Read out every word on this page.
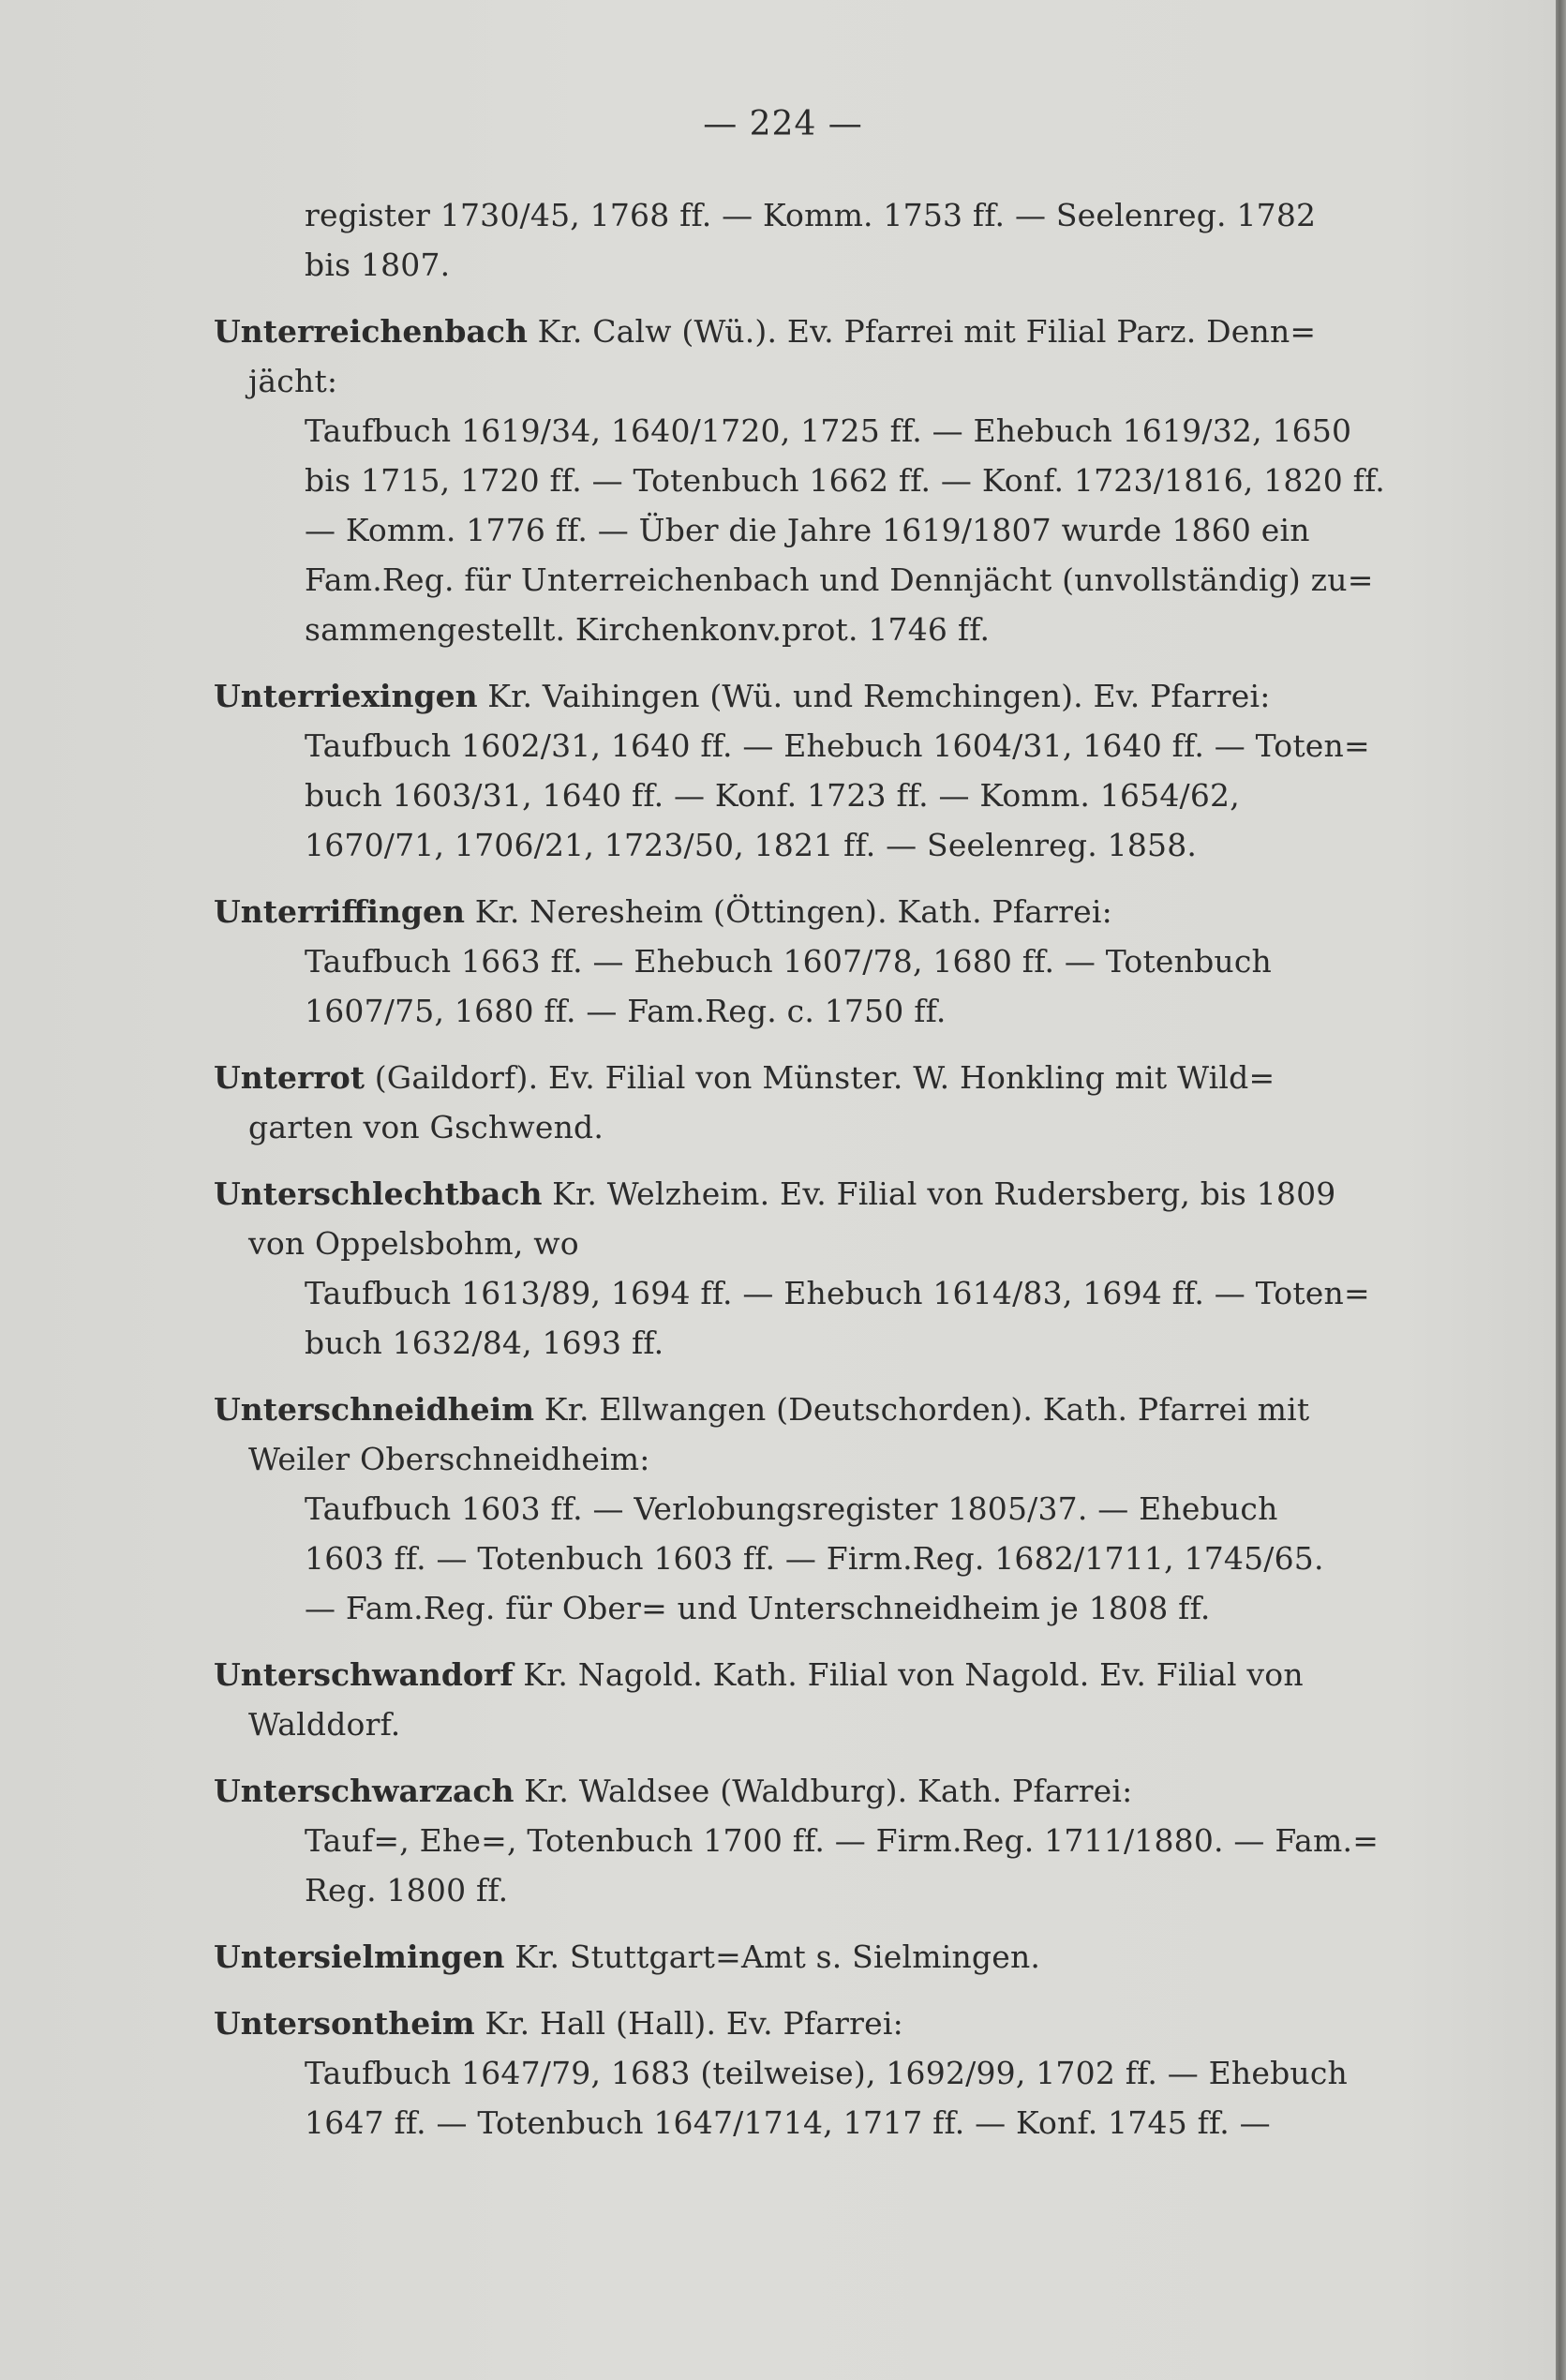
— 224 —
register 1730/45, 1768 ff. — Komm. 1753 ff. — Seelenreg. 1782
bis 1807.
Unterreichenbach Kr. Calw (Wü.). Ev. Pfarrei mit Filial Parz. Denn=
jächt:
Taufbuch 1619/34, 1640/1720, 1725 ff. — Ehebuch 1619/32, 1650
bis 1715, 1720 ff. — Totenbuch 1662 ff. — Konf. 1723/1816, 1820 ff.
— Komm. 1776 ff. — Über die Jahre 1619/1807 wurde 1860 ein
Fam.Reg. für Unterreichenbach und Dennjächt (unvollständig) zu=
sammengestellt. Kirchenkonv.prot. 1746 ff.
Unterriexingen Kr. Vaihingen (Wü. und Remchingen). Ev. Pfarrei:
Taufbuch 1602/31, 1640 ff. — Ehebuch 1604/31, 1640 ff. — Toten=
buch 1603/31, 1640 ff. — Konf. 1723 ff. — Komm. 1654/62,
1670/71, 1706/21, 1723/50, 1821 ff. — Seelenreg. 1858.
Unterriffingen Kr. Neresheim (Öttingen). Kath. Pfarrei:
Taufbuch 1663 ff. — Ehebuch 1607/78, 1680 ff. — Totenbuch
1607/75, 1680 ff. — Fam.Reg. c. 1750 ff.
Unterrot (Gaildorf). Ev. Filial von Münster. W. Honkling mit Wild=
garten von Gschwend.
Unterschlechtbach Kr. Welzheim. Ev. Filial von Rudersberg, bis 1809
von Oppelsbohm, wo
Taufbuch 1613/89, 1694 ff. — Ehebuch 1614/83, 1694 ff. — Toten=
buch 1632/84, 1693 ff.
Unterschneidheim Kr. Ellwangen (Deutschorden). Kath. Pfarrei mit
Weiler Oberschneidheim:
Taufbuch 1603 ff. — Verlobungsregister 1805/37. — Ehebuch
1603 ff. — Totenbuch 1603 ff. — Firm.Reg. 1682/1711, 1745/65.
— Fam.Reg. für Ober= und Unterschneidheim je 1808 ff.
Unterschwandorf Kr. Nagold. Kath. Filial von Nagold. Ev. Filial von
Walddorf.
Unterschwarzach Kr. Waldsee (Waldburg). Kath. Pfarrei:
Tauf=, Ehe=, Totenbuch 1700 ff. — Firm.Reg. 1711/1880. — Fam.=
Reg. 1800 ff.
Untersielmingen Kr. Stuttgart=Amt s. Sielmingen.
Untersontheim Kr. Hall (Hall). Ev. Pfarrei:
Taufbuch 1647/79, 1683 (teilweise), 1692/99, 1702 ff. — Ehebuch
1647 ff. — Totenbuch 1647/1714, 1717 ff. — Konf. 1745 ff. —
